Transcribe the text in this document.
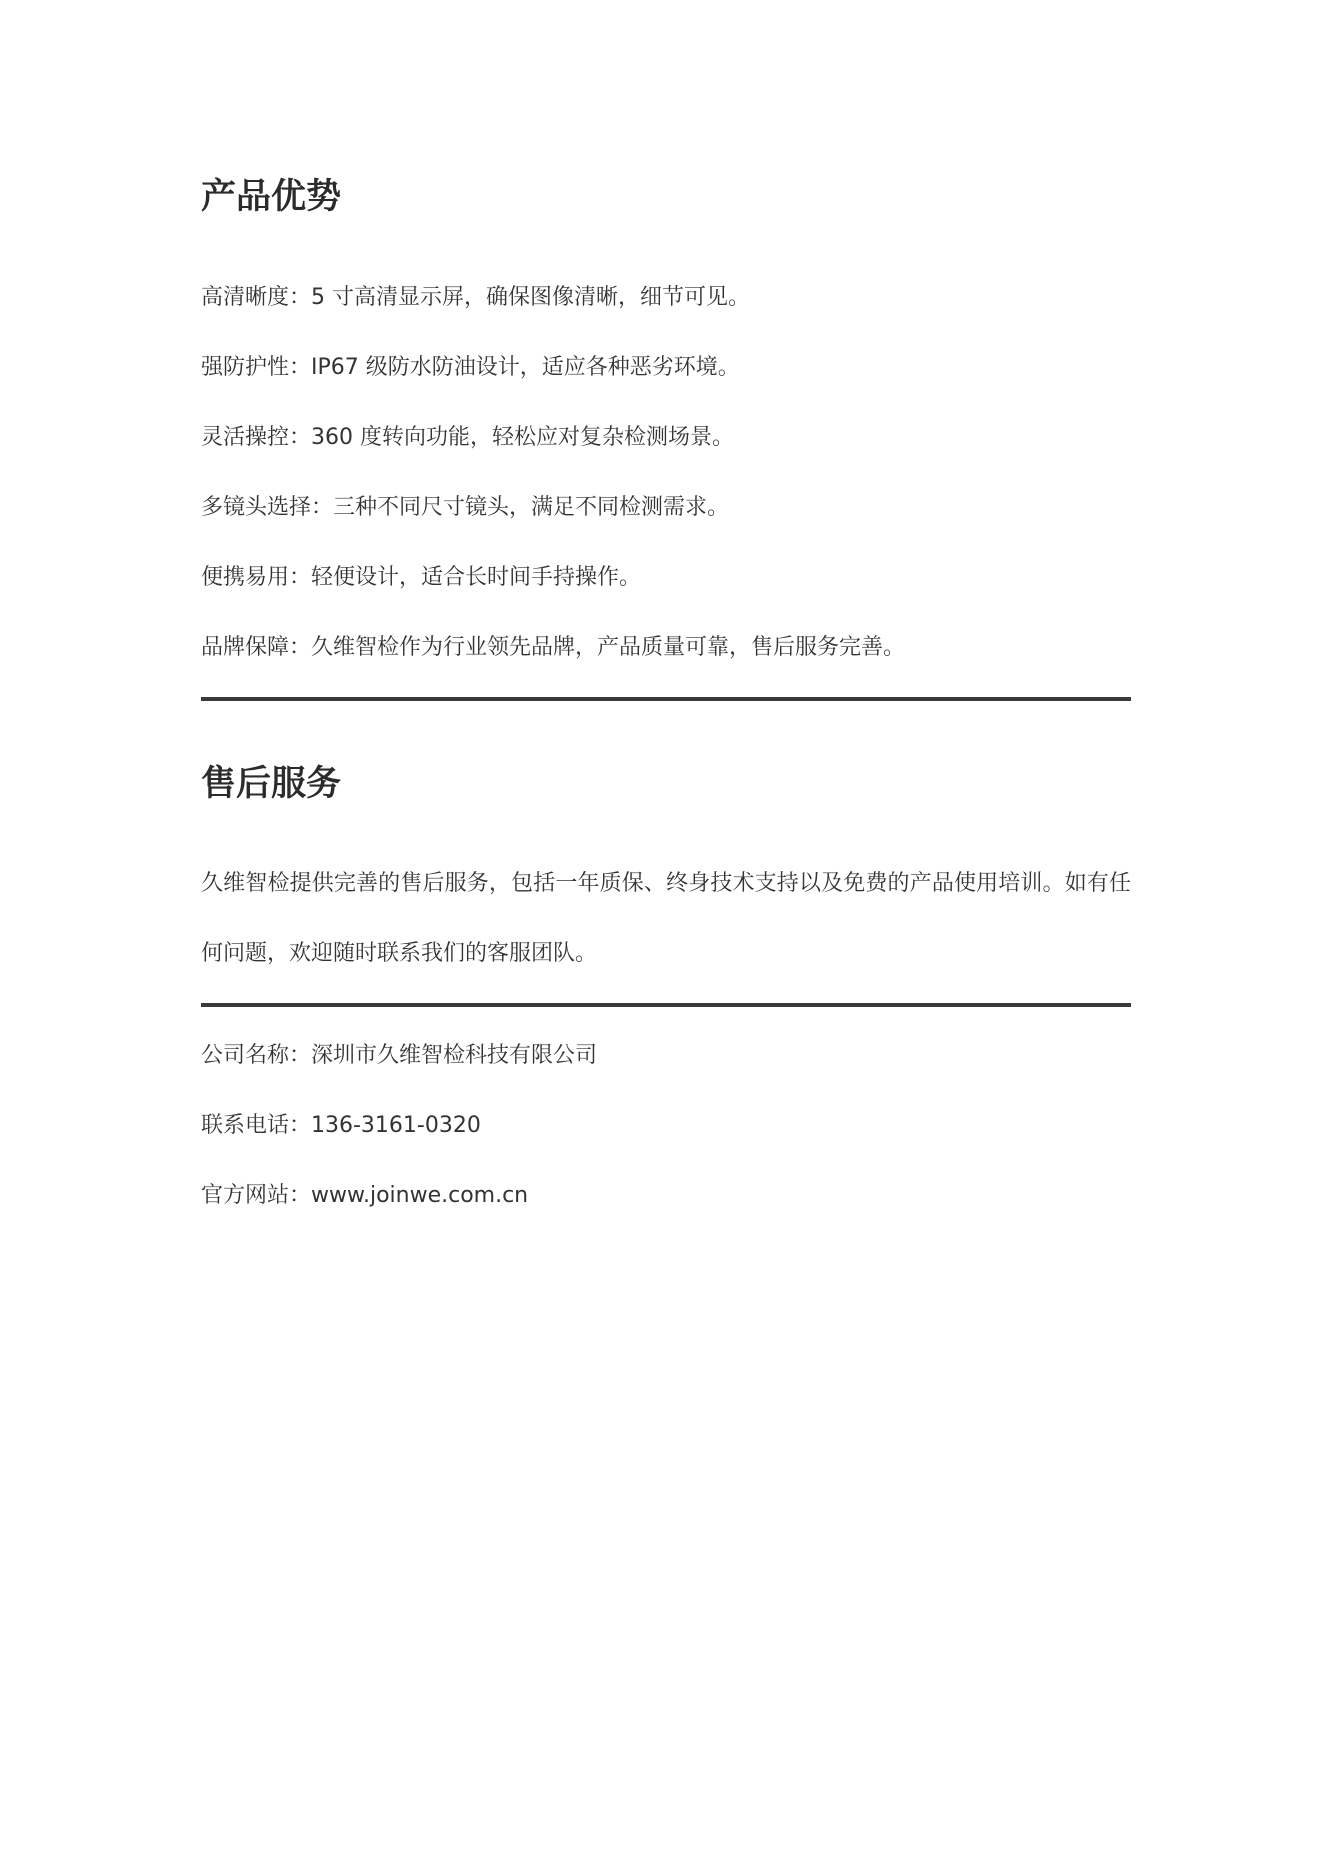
产品优势

高清晰度：5 寸高清显示屏，确保图像清晰，细节可见。

强防护性：IP67 级防水防油设计，适应各种恶劣环境。

灵活操控：360 度转向功能，轻松应对复杂检测场景。

多镜头选择：三种不同尺寸镜头，满足不同检测需求。

便携易用：轻便设计，适合长时间手持操作。

品牌保障：久维智检作为行业领先品牌，产品质量可靠，售后服务完善。

售后服务

久维智检提供完善的售后服务，包括一年质保、终身技术支持以及免费的产品使用培训。如有任何问题，欢迎随时联系我们的客服团队。

公司名称：深圳市久维智检科技有限公司

联系电话：136-3161-0320

官方网站：www.joinwe.com.cn
